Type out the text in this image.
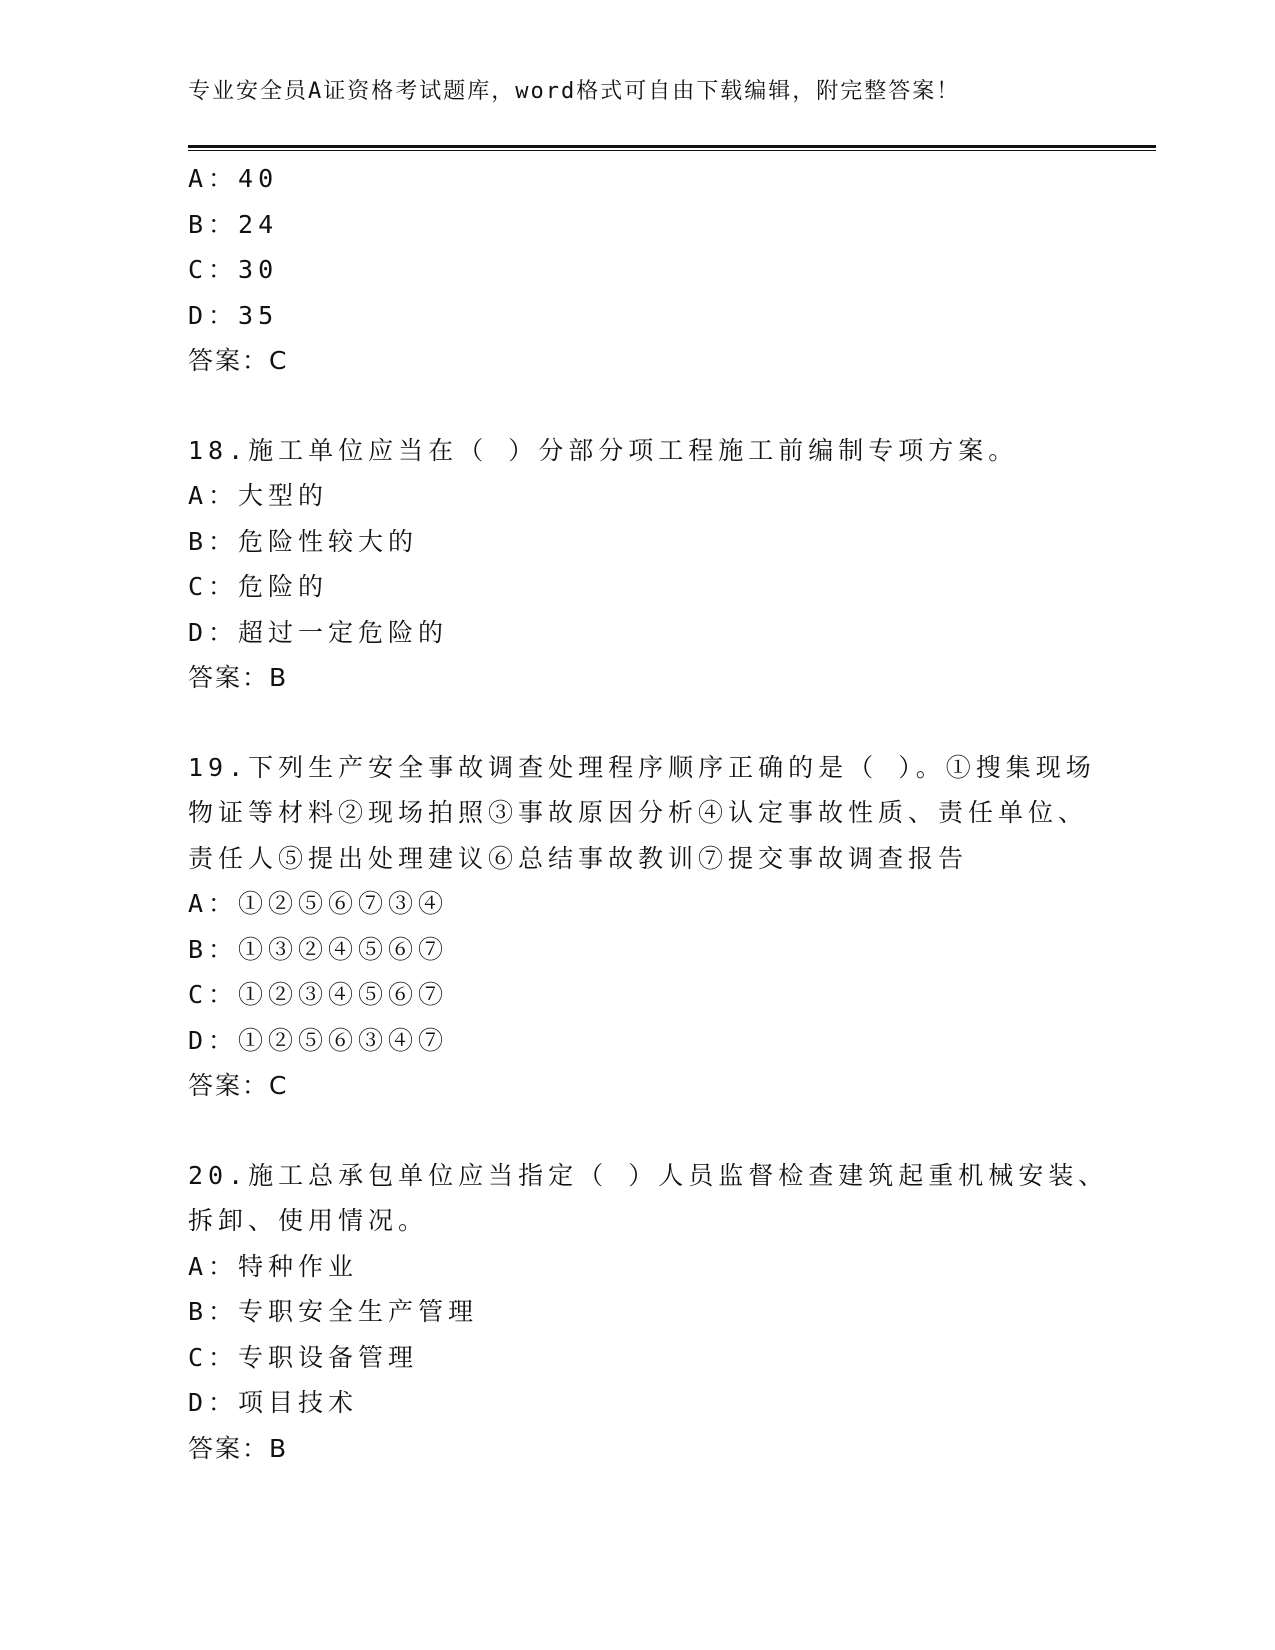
专业安全员A证资格考试题库，word格式可自由下载编辑，附完整答案！
A：40
B：24
C：30
D：35
答案：C
18.施工单位应当在（ ）分部分项工程施工前编制专项方案。
A：大型的
B：危险性较大的
C：危险的
D：超过一定危险的
答案：B
19.下列生产安全事故调查处理程序顺序正确的是（ ）。①搜集现场
物证等材料②现场拍照③事故原因分析④认定事故性质、责任单位、
责任人⑤提出处理建议⑥总结事故教训⑦提交事故调查报告
A：①②⑤⑥⑦③④
B：①③②④⑤⑥⑦
C：①②③④⑤⑥⑦
D：①②⑤⑥③④⑦
答案：C
20.施工总承包单位应当指定（ ）人员监督检查建筑起重机械安装、
拆卸、使用情况。
A：特种作业
B：专职安全生产管理
C：专职设备管理
D：项目技术
答案：B
